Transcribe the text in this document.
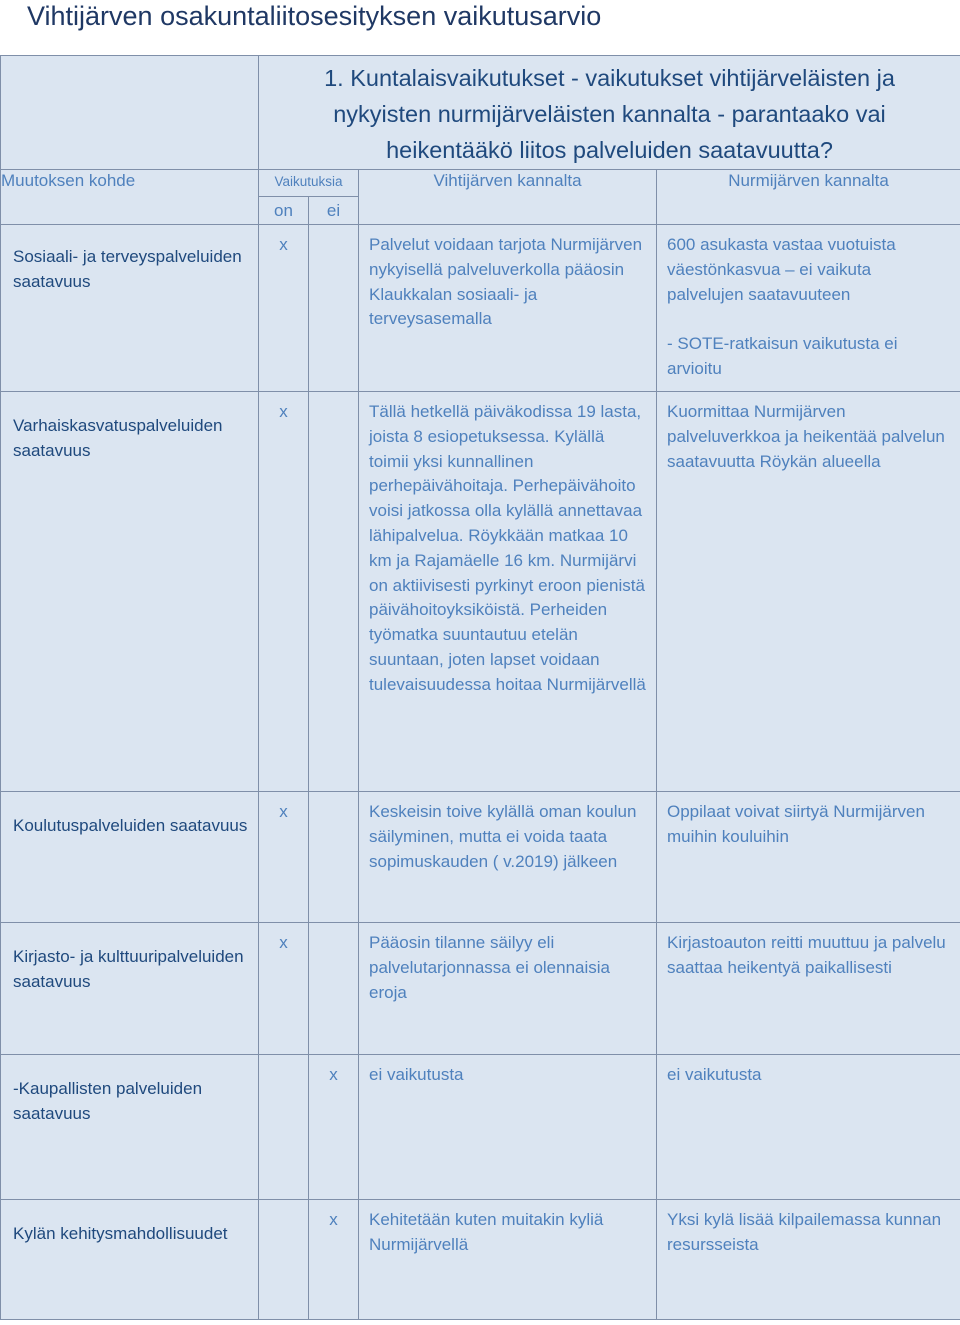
Vihtijärven osakuntaliitosesityksen vaikutusarvio

	1. Kuntalaisvaikutukset - vaikutukset vihtijärveläisten ja nykyisten nurmijärveläisten kannalta - parantaako vai heikentääkö liitos palveluiden saatavuutta?			

Muutoksen kohde	Vaikutuksia
on ei		Vihtijärven kannalta	Nurmijärven kannalta

Sosiaali- ja terveyspalveluiden saatavuus	x		Palvelut voidaan tarjota Nurmijärven nykyisellä palveluverkolla pääosin Klaukkalan sosiaali- ja terveysasemalla	600 asukasta vastaa vuotuista väestönkasvua – ei vaikuta palvelujen saatavuuteen

- SOTE-ratkaisun vaikutusta ei arvioitu

Varhaiskasvatuspalveluiden saatavuus	x		Tällä hetkellä päiväkodissa 19 lasta, joista 8 esiopetuksessa. Kylällä toimii yksi kunnallinen perhepäivähoitaja. Perhepäivähoito voisi jatkossa olla kylällä annettavaa lähipalvelua. Röykkään matkaa 10 km ja Rajamäelle 16 km. Nurmijärvi on aktiivisesti pyrkinyt eroon pienistä päivähoitoyksiköistä. Perheiden työmatka suuntautuu etelän suuntaan, joten lapset voidaan tulevaisuudessa hoitaa Nurmijärvellä	Kuormittaa Nurmijärven palveluverkkoa ja heikentää palvelun saatavuutta Röykän alueella

Koulutuspalveluiden saatavuus	x		Keskeisin toive kylällä oman koulun säilyminen, mutta ei voida taata sopimuskauden ( v.2019) jälkeen	Oppilaat voivat siirtyä Nurmijärven muihin kouluihin

Kirjasto- ja kulttuuripalveluiden saatavuus	x		Pääosin tilanne säilyy eli palvelutarjonnassa ei olennaisia eroja	Kirjastoauton reitti muuttuu ja palvelu saattaa heikentyä paikallisesti

-Kaupallisten palveluiden saatavuus		x	ei vaikutusta	ei vaikutusta

Kylän kehitysmahdollisuudet		x	Kehitetään kuten muitakin kyliä Nurmijärvellä	Yksi kylä lisää kilpailemassa kunnan resursseista
